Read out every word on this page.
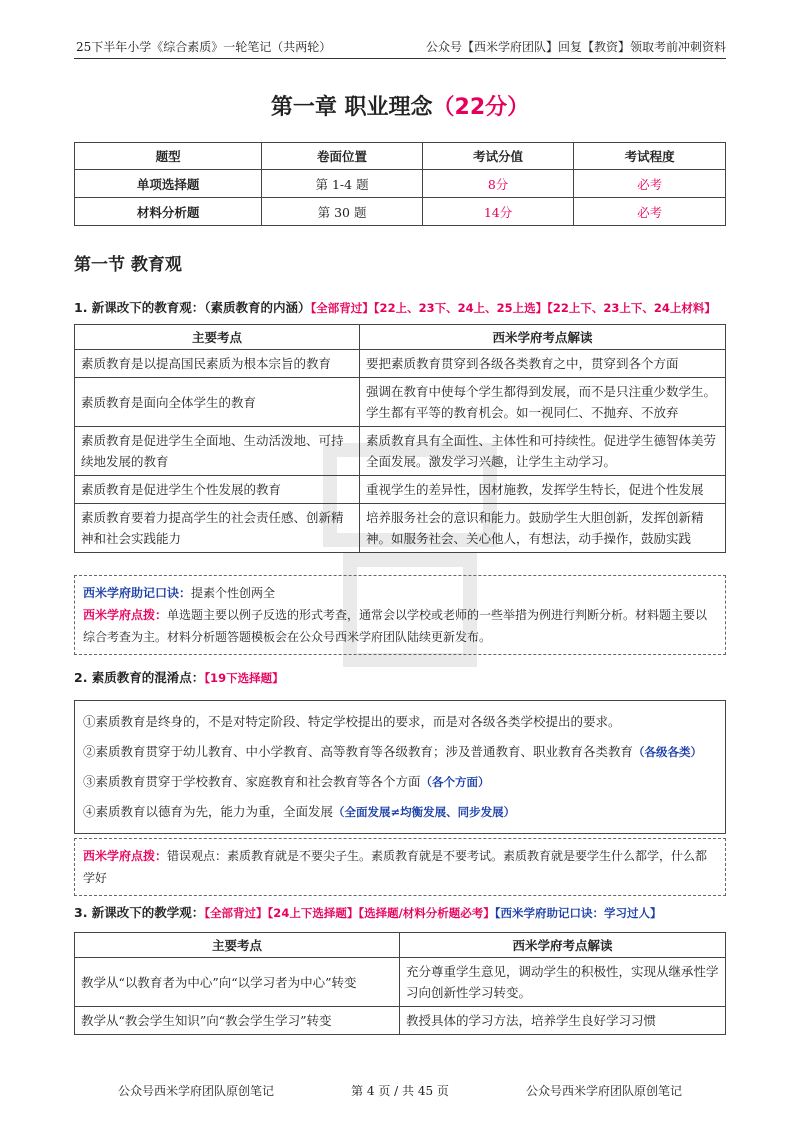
25下半年小学《综合素质》一轮笔记（共两轮）	公众号【西米学府团队】回复【教资】领取考前冲刺资料
第一章 职业理念（22分）
题型	卷面位置	考试分值	考试程度
单项选择题	第 1-4 题	8分	必考
材料分析题	第 30 题	14分	必考
第一节 教育观
1. 新课改下的教育观：（素质教育的内涵）【全部背过】【22上、23下、24上、25上选】【22上下、23上下、24上材料】
主要考点	西米学府考点解读
素质教育是以提高国民素质为根本宗旨的教育	要把素质教育贯穿到各级各类教育之中，贯穿到各个方面
素质教育是面向全体学生的教育	强调在教育中使每个学生都得到发展，而不是只注重少数学生。学生都有平等的教育机会。如一视同仁、不抛弃、不放弃
素质教育是促进学生全面地、生动活泼地、可持续地发展的教育	素质教育具有全面性、主体性和可持续性。促进学生德智体美劳全面发展。激发学习兴趣，让学生主动学习。
素质教育是促进学生个性发展的教育	重视学生的差异性，因材施教，发挥学生特长，促进个性发展
素质教育要着力提高学生的社会责任感、创新精神和社会实践能力	培养服务社会的意识和能力。鼓励学生大胆创新，发挥创新精神。如服务社会、关心他人，有想法，动手操作，鼓励实践
西米学府助记口诀：提素个性创两全
西米学府点拨：单选题主要以例子反选的形式考查，通常会以学校或老师的一些举措为例进行判断分析。材料题主要以综合考查为主。材料分析题答题模板会在公众号西米学府团队陆续更新发布。
2. 素质教育的混淆点：【19下选择题】
①素质教育是终身的，不是对特定阶段、特定学校提出的要求，而是对各级各类学校提出的要求。
②素质教育贯穿于幼儿教育、中小学教育、高等教育等各级教育；涉及普通教育、职业教育各类教育（各级各类）
③素质教育贯穿于学校教育、家庭教育和社会教育等各个方面（各个方面）
④素质教育以德育为先，能力为重，全面发展（全面发展≠均衡发展、同步发展）
西米学府点拨：错误观点：素质教育就是不要尖子生。素质教育就是不要考试。素质教育就是要学生什么都学，什么都学好
3. 新课改下的教学观：【全部背过】【24上下选择题】【选择题/材料分析题必考】【西米学府助记口诀：学习过人】
主要考点	西米学府考点解读
教学从“以教育者为中心”向“以学习者为中心”转变	充分尊重学生意见，调动学生的积极性，实现从继承性学习向创新性学习转变。
教学从“教会学生知识”向“教会学生学习”转变	教授具体的学习方法，培养学生良好学习习惯
公众号西米学府团队原创笔记	第 4 页 / 共 45 页	公众号西米学府团队原创笔记
